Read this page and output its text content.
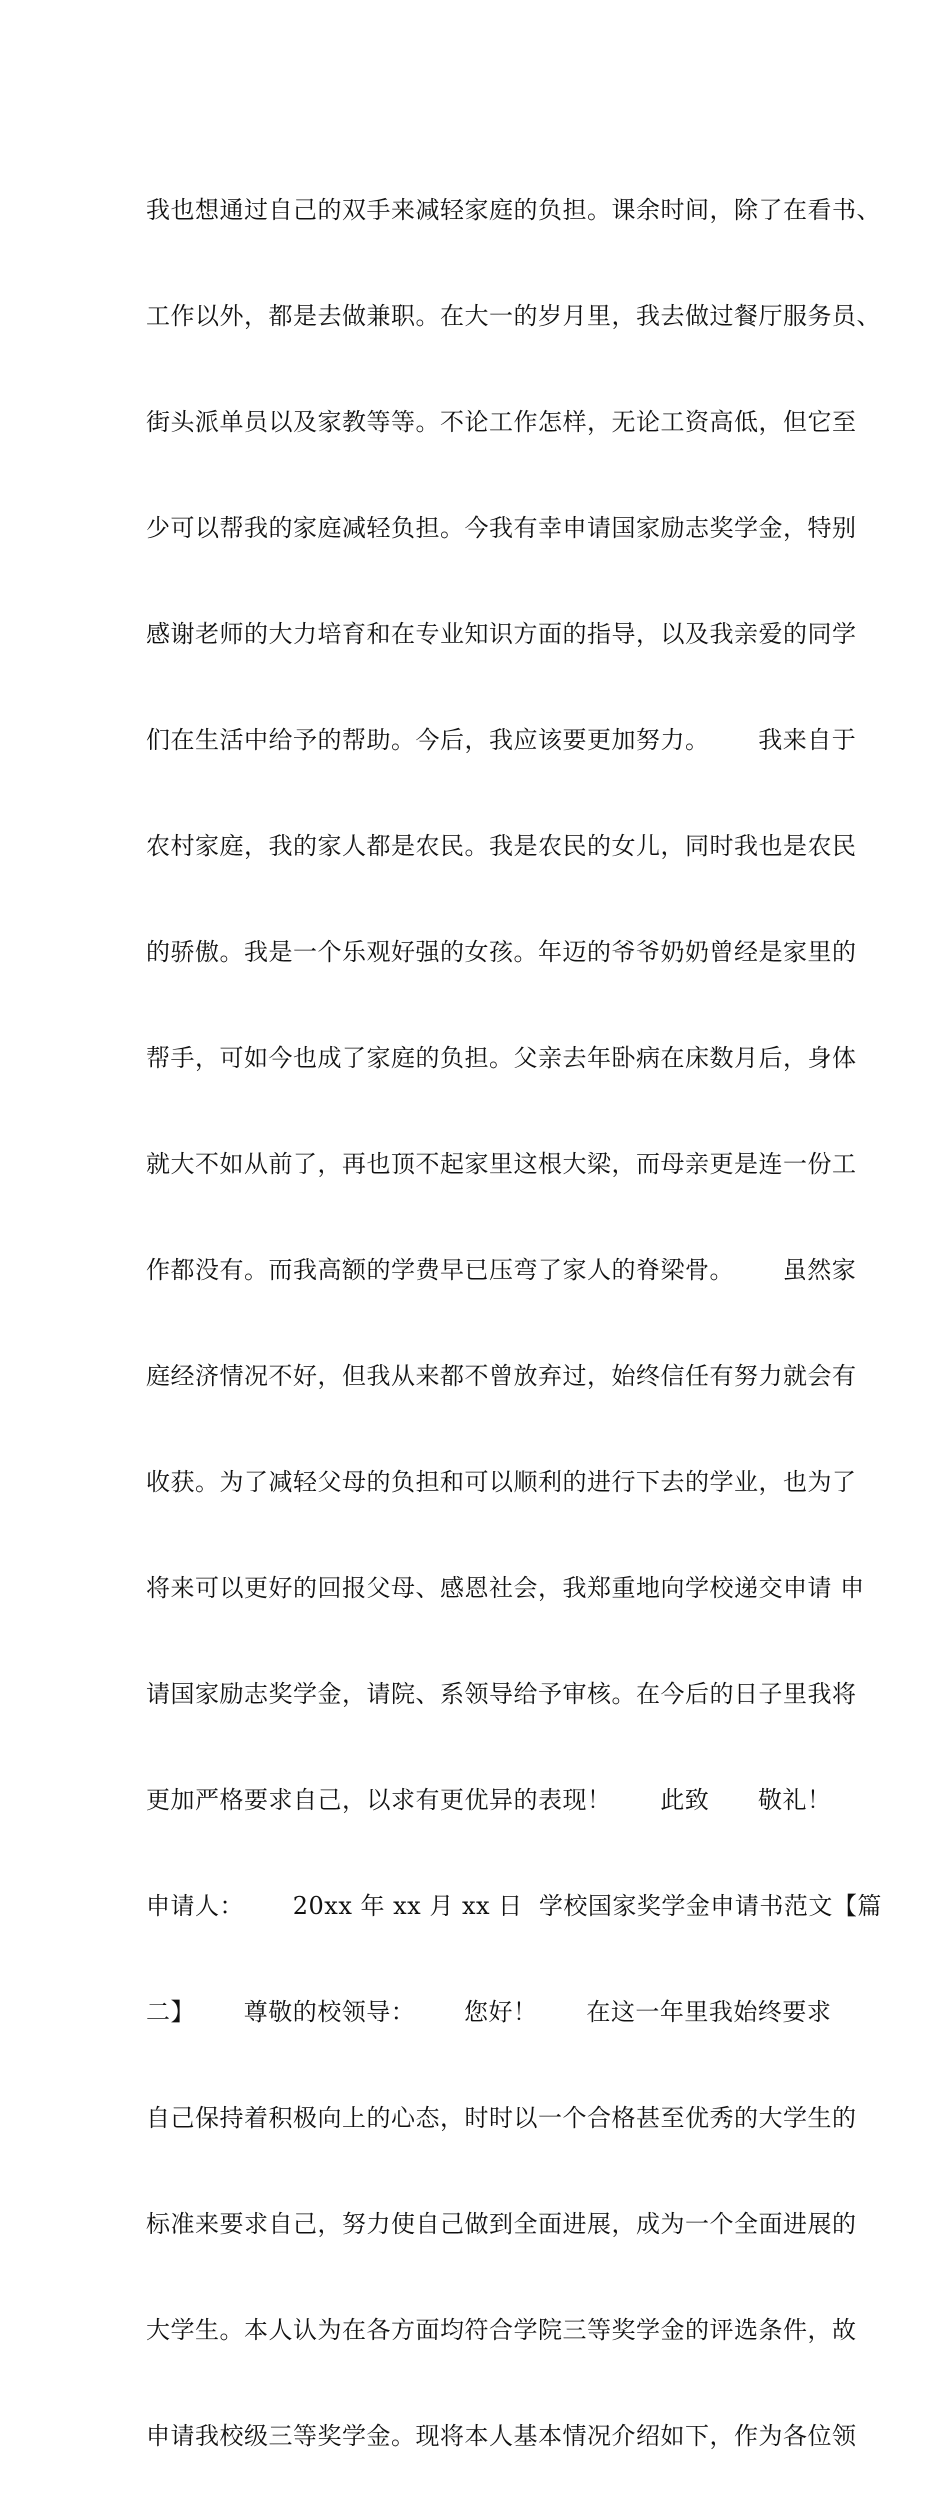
我也想通过自己的双手来减轻家庭的负担。课余时间，除了在看书、

工作以外，都是去做兼职。在大一的岁月里，我去做过餐厅服务员、

街头派单员以及家教等等。不论工作怎样，无论工资高低，但它至

少可以帮我的家庭减轻负担。今我有幸申请国家励志奖学金，特别

感谢老师的大力培育和在专业知识方面的指导，以及我亲爱的同学

们在生活中给予的帮助。今后，我应该要更加努力。      我来自于

农村家庭，我的家人都是农民。我是农民的女儿，同时我也是农民

的骄傲。我是一个乐观好强的女孩。年迈的爷爷奶奶曾经是家里的

帮手，可如今也成了家庭的负担。父亲去年卧病在床数月后，身体

就大不如从前了，再也顶不起家里这根大梁，而母亲更是连一份工

作都没有。而我高额的学费早已压弯了家人的脊梁骨。      虽然家

庭经济情况不好，但我从来都不曾放弃过，始终信任有努力就会有

收获。为了减轻父母的负担和可以顺利的进行下去的学业，也为了

将来可以更好的回报父母、感恩社会，我郑重地向学校递交申请 申

请国家励志奖学金，请院、系领导给予审核。在今后的日子里我将

更加严格要求自己，以求有更优异的表现！      此致      敬礼！

申请人：      20xx 年 xx 月 xx 日  学校国家奖学金申请书范文【篇

二】      尊敬的校领导：      您好！      在这一年里我始终要求

自己保持着积极向上的心态，时时以一个合格甚至优秀的大学生的

标准来要求自己，努力使自己做到全面进展，成为一个全面进展的

大学生。本人认为在各方面均符合学院三等奖学金的评选条件，故

申请我校级三等奖学金。现将本人基本情况介绍如下，作为各位领
